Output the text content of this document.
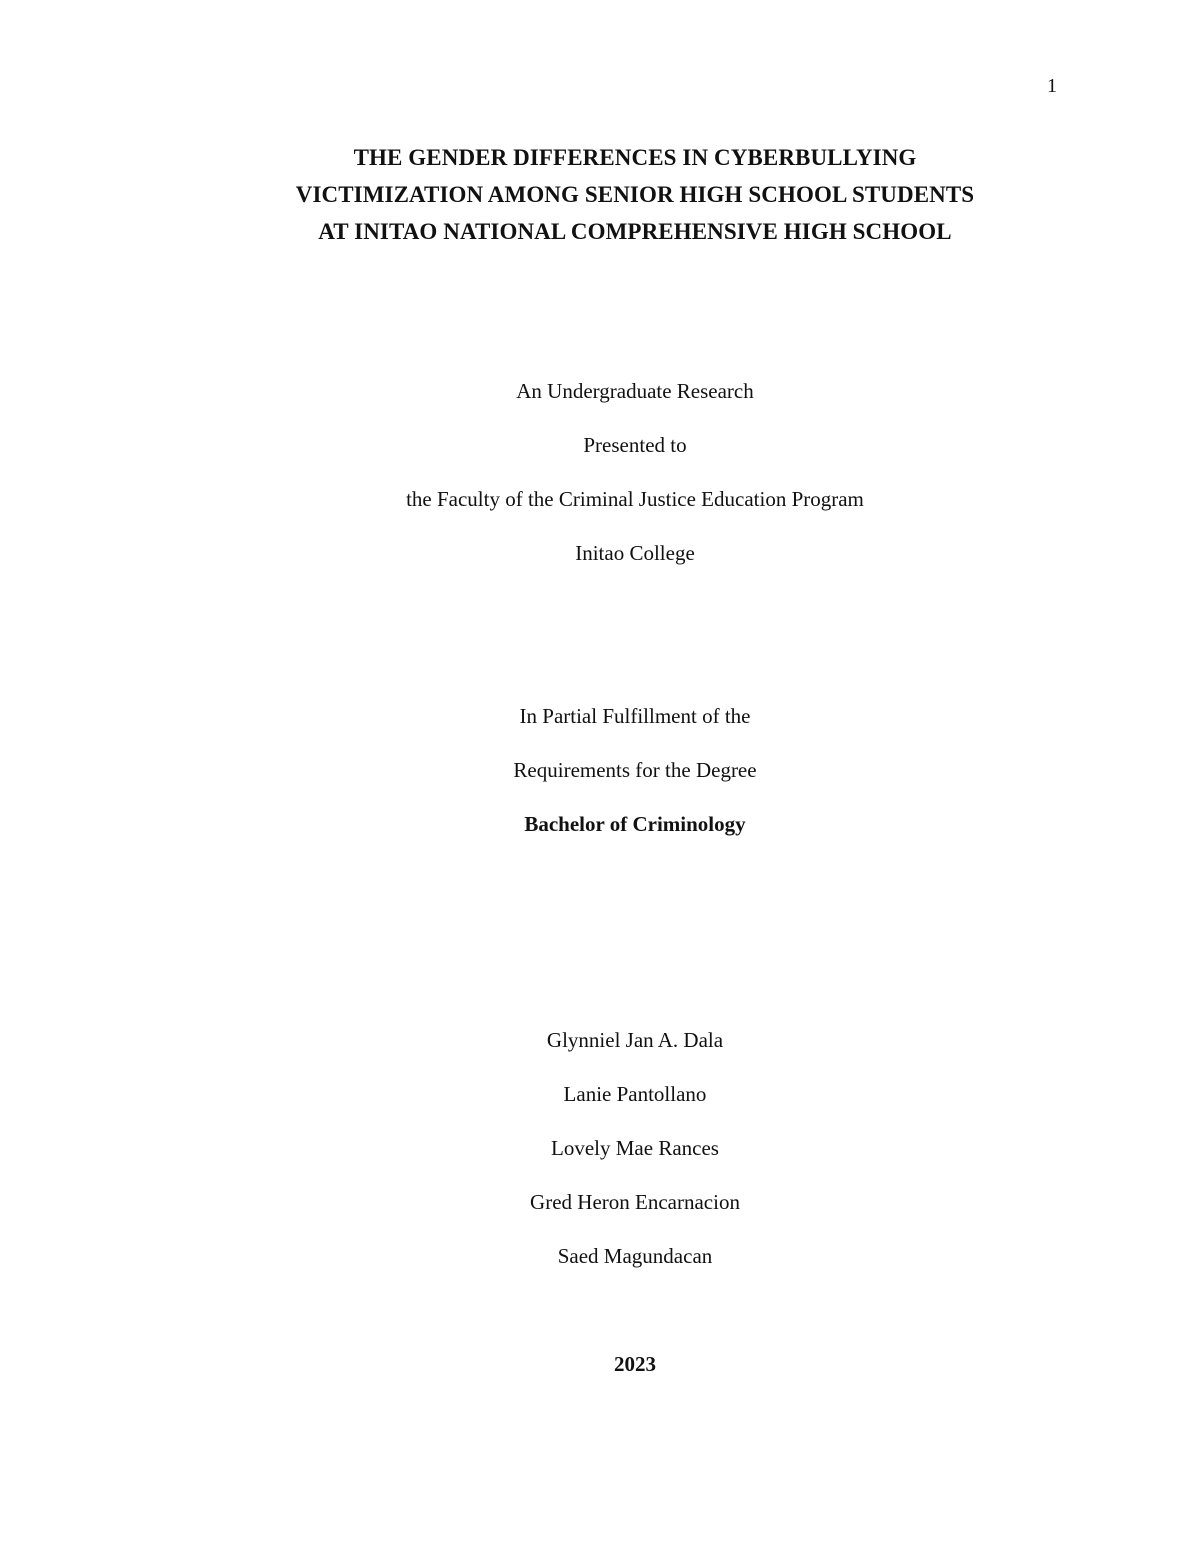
1
THE GENDER DIFFERENCES IN CYBERBULLYING
VICTIMIZATION AMONG SENIOR HIGH SCHOOL STUDENTS
AT INITAO NATIONAL COMPREHENSIVE HIGH SCHOOL
An Undergraduate Research
Presented to
the Faculty of the Criminal Justice Education Program
Initao College
In Partial Fulfillment of the
Requirements for the Degree
Bachelor of Criminology
Glynniel Jan A. Dala
Lanie Pantollano
Lovely Mae Rances
Gred Heron Encarnacion
Saed Magundacan
2023
